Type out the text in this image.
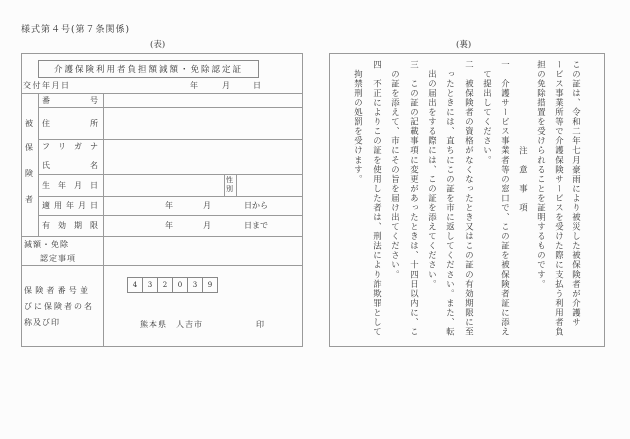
様式第４号(第７条関係)
(表)	(裏)
介護保険利用者負担額減額・免除認定証
交付年月日	年	月	日
被
保
険
者
番	号
住	所
フ リ ガ ナ
氏	名
生 年 月 日
性
別
適 用 年 月 日	年	月	日から
有 効 期 限	年	月	日まで
減額・免除
認定事項
保険者番号並
びに保険者の名
称及び印
4	3	2	0	3	9
熊本県　人吉市	印	この証は、令和二年七月豪雨により被災した被保険者が介護サ
ービス事業所等で介護保険サービスを受けた際に支払う利用者負
担の免除措置を受けられることを証明するものです。
注　意　事　項
一　介護サービス事業者等の窓口で、この証を被保険者証に添え
　て提出してください。
二　被保険者の資格がなくなったとき又はこの証の有効期限に至
　ったときには、直ちにこの証を市に返してください。また、転
　出の届出をする際には、この証を添えてください。
三　この証の記載事項に変更があったときは、十四日以内に、こ
　の証を添えて、市にその旨を届け出てください。
四　不正によりこの証を使用した者は、刑法により詐欺罪として
　拘禁刑の処罰を受けます。
